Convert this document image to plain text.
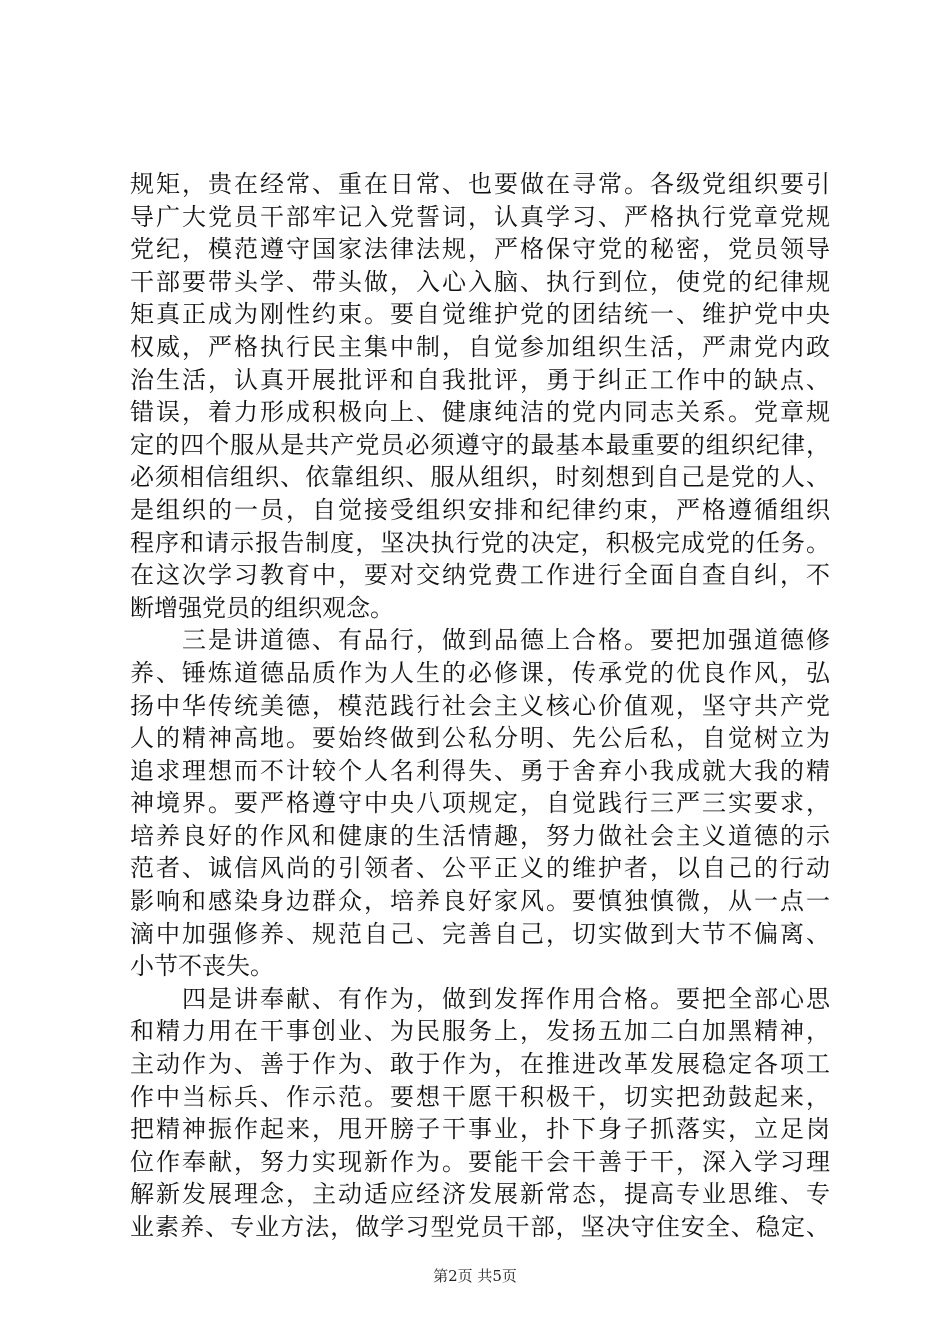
规矩，贵在经常、重在日常、也要做在寻常。各级党组织要引
导广大党员干部牢记入党誓词，认真学习、严格执行党章党规
党纪，模范遵守国家法律法规，严格保守党的秘密，党员领导
干部要带头学、带头做，入心入脑、执行到位，使党的纪律规
矩真正成为刚性约束。要自觉维护党的团结统一、维护党中央
权威，严格执行民主集中制，自觉参加组织生活，严肃党内政
治生活，认真开展批评和自我批评，勇于纠正工作中的缺点、
错误，着力形成积极向上、健康纯洁的党内同志关系。党章规
定的四个服从是共产党员必须遵守的最基本最重要的组织纪律，
必须相信组织、依靠组织、服从组织，时刻想到自己是党的人、
是组织的一员，自觉接受组织安排和纪律约束，严格遵循组织
程序和请示报告制度，坚决执行党的决定，积极完成党的任务。
在这次学习教育中，要对交纳党费工作进行全面自查自纠，不
断增强党员的组织观念。
　　三是讲道德、有品行，做到品德上合格。要把加强道德修
养、锤炼道德品质作为人生的必修课，传承党的优良作风，弘
扬中华传统美德，模范践行社会主义核心价值观，坚守共产党
人的精神高地。要始终做到公私分明、先公后私，自觉树立为
追求理想而不计较个人名利得失、勇于舍弃小我成就大我的精
神境界。要严格遵守中央八项规定，自觉践行三严三实要求，
培养良好的作风和健康的生活情趣，努力做社会主义道德的示
范者、诚信风尚的引领者、公平正义的维护者，以自己的行动
影响和感染身边群众，培养良好家风。要慎独慎微，从一点一
滴中加强修养、规范自己、完善自己，切实做到大节不偏离、
小节不丧失。
　　四是讲奉献、有作为，做到发挥作用合格。要把全部心思
和精力用在干事创业、为民服务上，发扬五加二白加黑精神，
主动作为、善于作为、敢于作为，在推进改革发展稳定各项工
作中当标兵、作示范。要想干愿干积极干，切实把劲鼓起来，
把精神振作起来，甩开膀子干事业，扑下身子抓落实，立足岗
位作奉献，努力实现新作为。要能干会干善于干，深入学习理
解新发展理念，主动适应经济发展新常态，提高专业思维、专
业素养、专业方法，做学习型党员干部，坚决守住安全、稳定、
第2页 共5页
